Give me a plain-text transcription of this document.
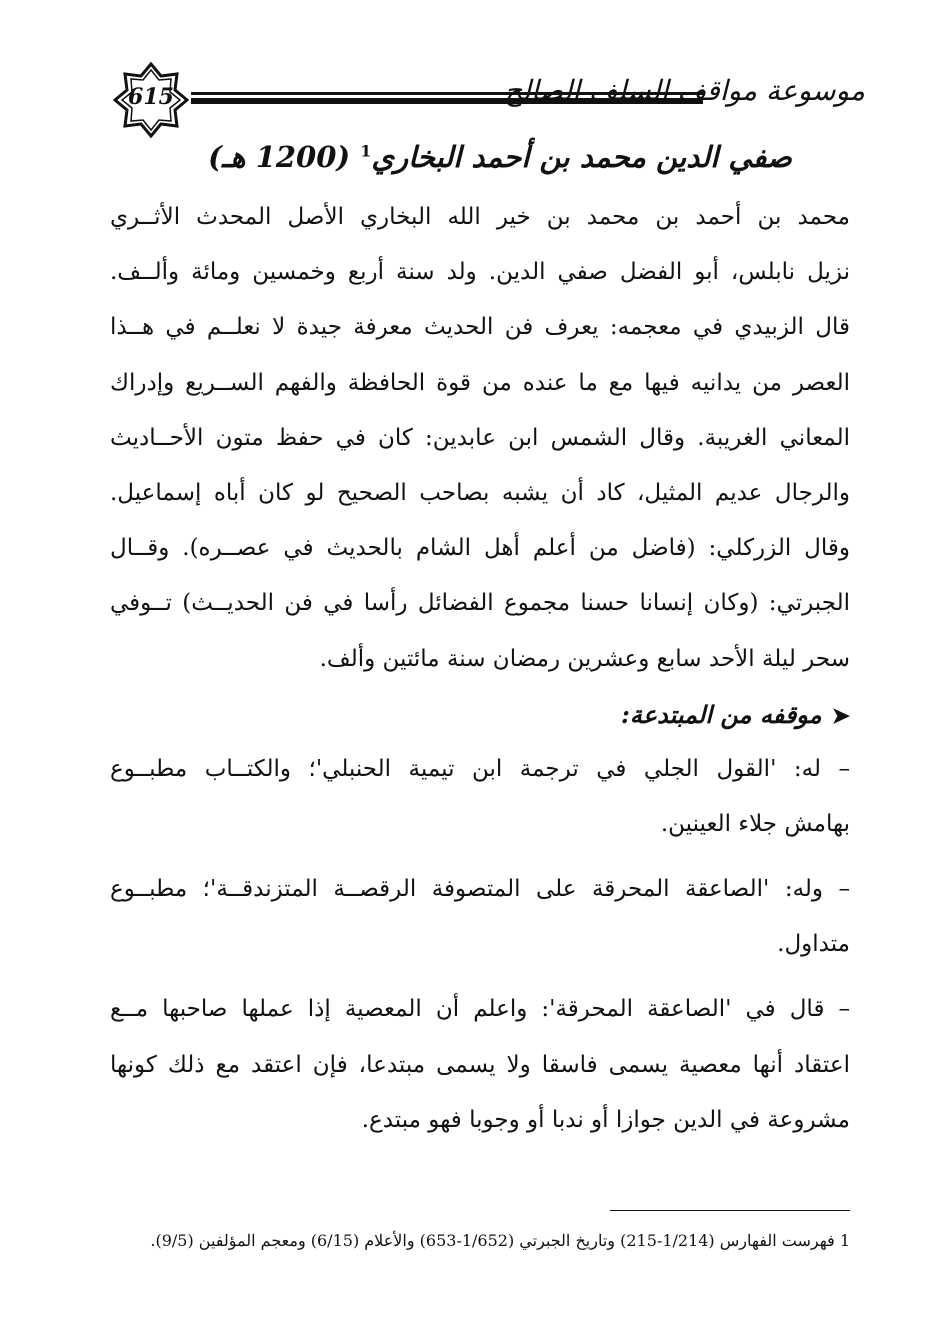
615	موسوعة مواقف السلف الصالح
صفي الدين محمد بن أحمد البخاري$^1$ (1200 هـ)
محمد بن أحمد بن محمد بن خير الله البخاري الأصل المحدث الأثــري
نزيل نابلس، أبو الفضل صفي الدين. ولد سنة أربع وخمسين ومائة وألــف.
قال الزبيدي في معجمه: يعرف فن الحديث معرفة جيدة لا نعلــم في هــذا
العصر من يدانيه فيها مع ما عنده من قوة الحافظة والفهم الســريع وإدراك
المعاني الغريبة. وقال الشمس ابن عابدين: كان في حفظ متون الأحــاديث
والرجال عديم المثيل، كاد أن يشبه بصاحب الصحيح لو كان أباه إسماعيل.
وقال الزركلي: (فاضل من أعلم أهل الشام بالحديث في عصــره). وقــال
الجبرتي: (وكان إنسانا حسنا مجموع الفضائل رأسا في فن الحديــث) تــوفي
سحر ليلة الأحد سابع وعشرين رمضان سنة مائتين وألف.
➤موقفه من المبتدعة:
– له: 'القول الجلي في ترجمة ابن تيمية الحنبلي'؛ والكتــاب مطبــوع
بهامش جلاء العينين.
– وله: 'الصاعقة المحرقة على المتصوفة الرقصــة المتزندقــة'؛ مطبــوع
متداول.
– قال في 'الصاعقة المحرقة': واعلم أن المعصية إذا عملها صاحبها مــع
اعتقاد أنها معصية يسمى فاسقا ولا يسمى مبتدعا، فإن اعتقد مع ذلك كونها
مشروعة في الدين جوازا أو ندبا أو وجوبا فهو مبتدع.
1 فهرست الفهارس (1/214-215) وتاريخ الجبرتي (1/652-653) والأعلام (6/15) ومعجم المؤلفين (9/5).
